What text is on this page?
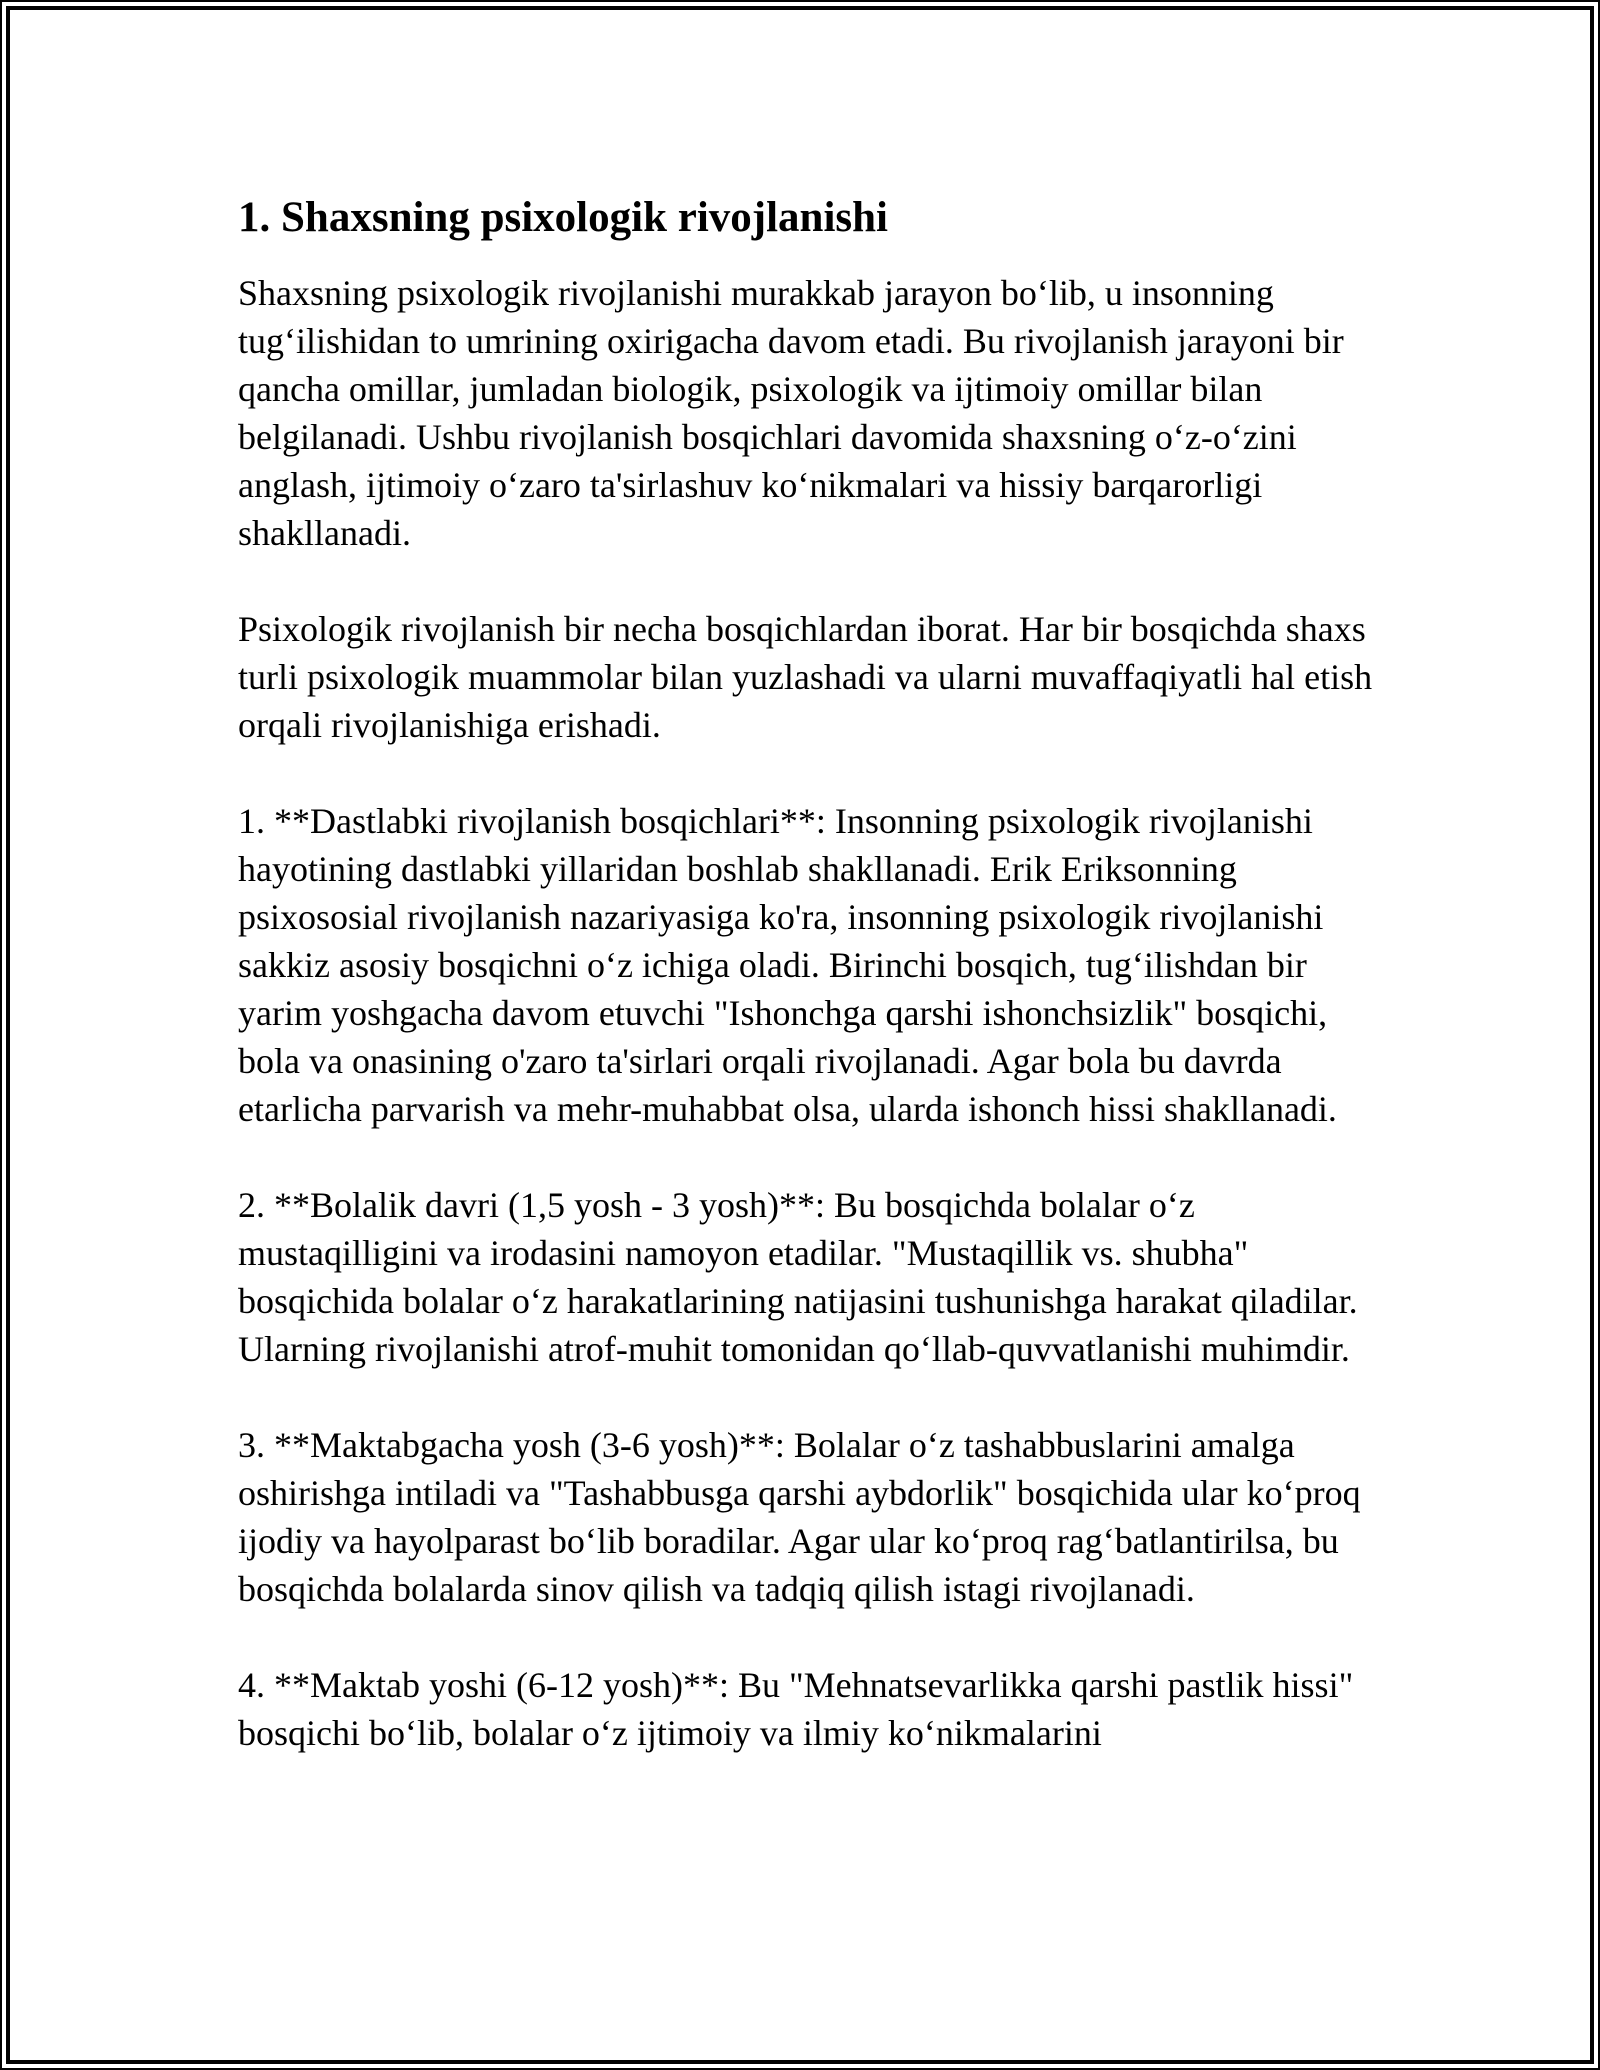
1. Shaxsning psixologik rivojlanishi

Shaxsning psixologik rivojlanishi murakkab jarayon bo‘lib, u insonning tug‘ilishidan to umrining oxirigacha davom etadi. Bu rivojlanish jarayoni bir qancha omillar, jumladan biologik, psixologik va ijtimoiy omillar bilan belgilanadi. Ushbu rivojlanish bosqichlari davomida shaxsning o‘z-o‘zini anglash, ijtimoiy o‘zaro ta'sirlashuv ko‘nikmalari va hissiy barqarorligi shakllanadi.

Psixologik rivojlanish bir necha bosqichlardan iborat. Har bir bosqichda shaxs turli psixologik muammolar bilan yuzlashadi va ularni muvaffaqiyatli hal etish orqali rivojlanishiga erishadi.

1. **Dastlabki rivojlanish bosqichlari**: Insonning psixologik rivojlanishi hayotining dastlabki yillaridan boshlab shakllanadi. Erik Eriksonning psixososial rivojlanish nazariyasiga ko'ra, insonning psixologik rivojlanishi sakkiz asosiy bosqichni o‘z ichiga oladi. Birinchi bosqich, tug‘ilishdan bir yarim yoshgacha davom etuvchi "Ishonchga qarshi ishonchsizlik" bosqichi, bola va onasining o'zaro ta'sirlari orqali rivojlanadi. Agar bola bu davrda etarlicha parvarish va mehr-muhabbat olsa, ularda ishonch hissi shakllanadi.

2. **Bolalik davri (1,5 yosh - 3 yosh)**: Bu bosqichda bolalar o‘z mustaqilligini va irodasini namoyon etadilar. "Mustaqillik vs. shubha" bosqichida bolalar o‘z harakatlarining natijasini tushunishga harakat qiladilar. Ularning rivojlanishi atrof-muhit tomonidan qo‘llab-quvvatlanishi muhimdir.

3. **Maktabgacha yosh (3-6 yosh)**: Bolalar o‘z tashabbuslarini amalga oshirishga intiladi va "Tashabbusga qarshi aybdorlik" bosqichida ular ko‘proq ijodiy va hayolparast bo‘lib boradilar. Agar ular ko‘proq rag‘batlantirilsa, bu bosqichda bolalarda sinov qilish va tadqiq qilish istagi rivojlanadi.

4. **Maktab yoshi (6-12 yosh)**: Bu "Mehnatsevarlikka qarshi pastlik hissi" bosqichi bo‘lib, bolalar o‘z ijtimoiy va ilmiy ko‘nikmalarini
